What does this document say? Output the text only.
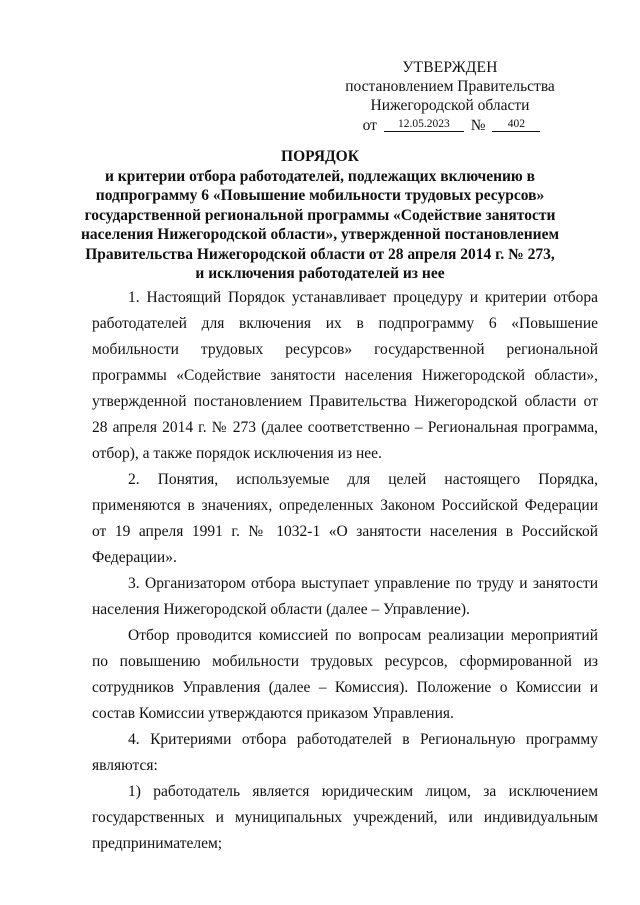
УТВЕРЖДЕН
постановлением Правительства
Нижегородской области
от 12.05.2023 № 402
ПОРЯДОК
и критерии отбора работодателей, подлежащих включению в
подпрограмму 6 «Повышение мобильности трудовых ресурсов»
государственной региональной программы «Содействие занятости
населения Нижегородской области», утвержденной постановлением
Правительства Нижегородской области от 28 апреля 2014 г. № 273,
и исключения работодателей из нее

1. Настоящий Порядок устанавливает процедуру и критерии отбора работодателей для включения их в подпрограмму 6 «Повышение мобильности трудовых ресурсов» государственной региональной программы «Содействие занятости населения Нижегородской области», утвержденной постановлением Правительства Нижегородской области от 28 апреля 2014 г. № 273 (далее соответственно – Региональная программа, отбор), а также порядок исключения из нее.

2. Понятия, используемые для целей настоящего Порядка, применяются в значениях, определенных Законом Российской Федерации от 19 апреля 1991 г. № 1032-1 «О занятости населения в Российской Федерации».

3. Организатором отбора выступает управление по труду и занятости населения Нижегородской области (далее – Управление).

Отбор проводится комиссией по вопросам реализации мероприятий по повышению мобильности трудовых ресурсов, сформированной из сотрудников Управления (далее – Комиссия). Положение о Комиссии и состав Комиссии утверждаются приказом Управления.

4. Критериями отбора работодателей в Региональную программу являются:

1) работодатель является юридическим лицом, за исключением государственных и муниципальных учреждений, или индивидуальным предпринимателем;
